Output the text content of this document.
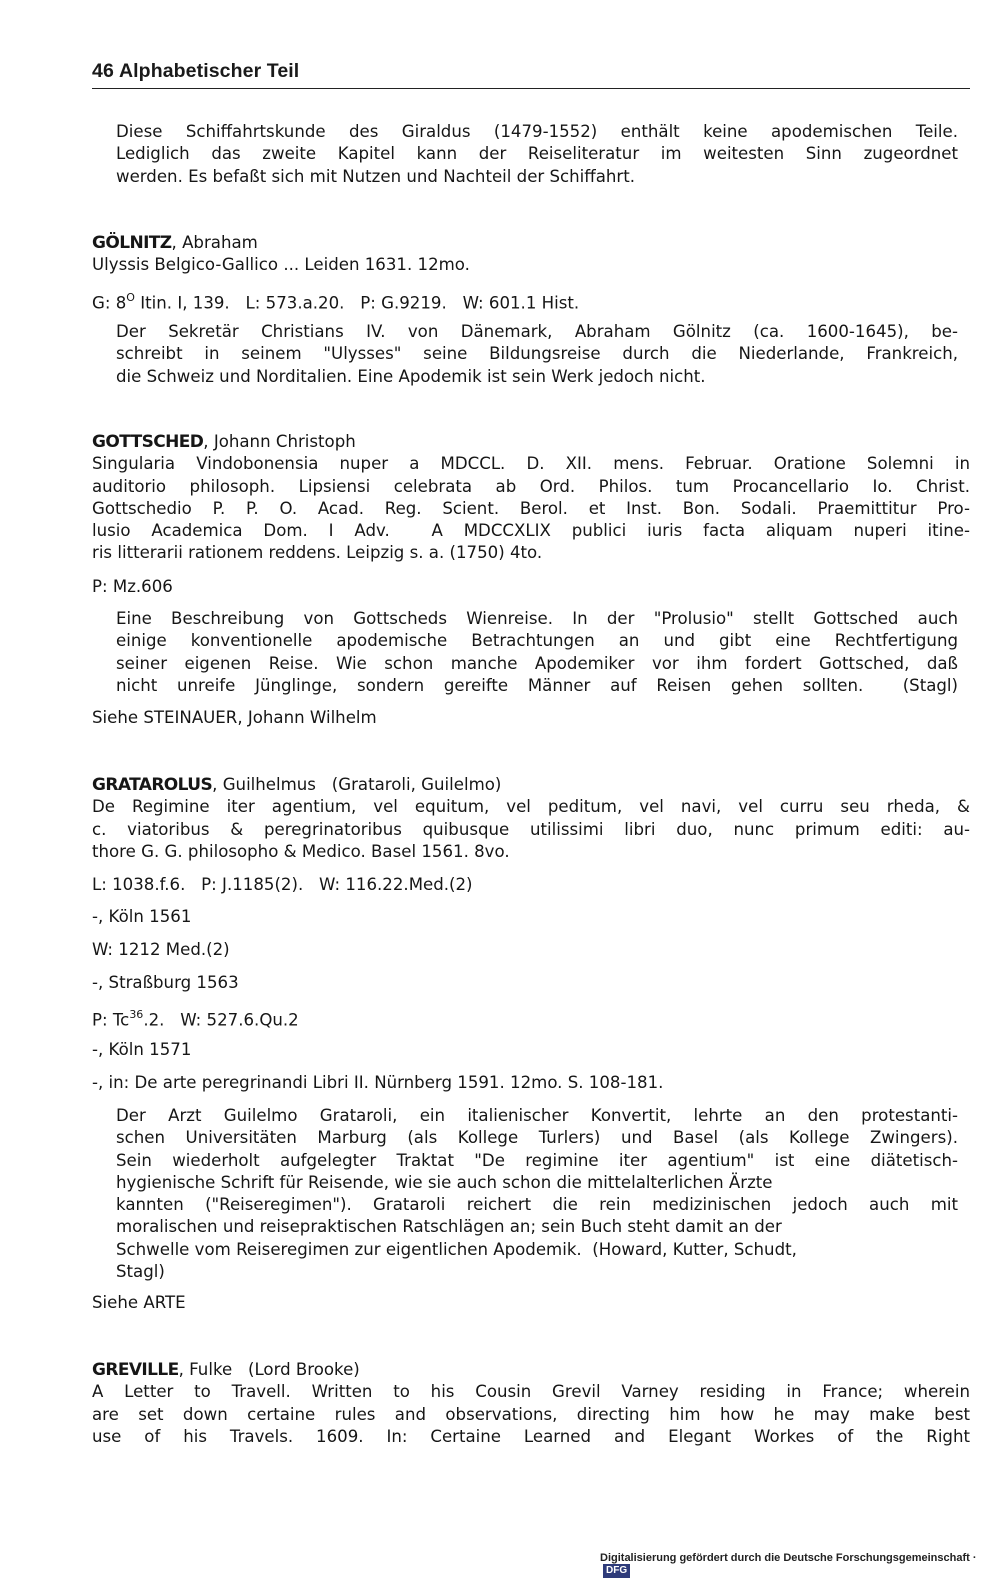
46 Alphabetischer Teil
Diese Schiffahrtskunde des Giraldus (1479-1552) enthält keine apodemischen Teile.
Lediglich das zweite Kapitel kann der Reiseliteratur im weitesten Sinn zugeordnet
werden. Es befaßt sich mit Nutzen und Nachteil der Schiffahrt.
GÖLNITZ, Abraham
Ulyssis Belgico-Gallico ... Leiden 1631. 12mo.
G: $8^O$ Itin. I, 139.   L: 573.a.20.   P: G.9219.   W: 601.1 Hist.
Der Sekretär Christians IV. von Dänemark, Abraham Gölnitz (ca. 1600-1645), be-
schreibt in seinem "Ulysses" seine Bildungsreise durch die Niederlande, Frankreich,
die Schweiz und Norditalien. Eine Apodemik ist sein Werk jedoch nicht.
GOTTSCHED, Johann Christoph
Singularia Vindobonensia nuper a MDCCL. D. XII. mens. Februar. Oratione Solemni in
auditorio philosoph. Lipsiensi celebrata ab Ord. Philos. tum Procancellario Io. Christ.
Gottschedio P. P. O. Acad. Reg. Scient. Berol. et Inst. Bon. Sodali. Praemittitur Pro-
lusio Academica Dom. I Adv.  A MDCCXLIX publici iuris facta aliquam nuperi itine-
ris litterarii rationem reddens. Leipzig s. a. (1750) 4to.
P: Mz.606
Eine Beschreibung von Gottscheds Wienreise. In der "Prolusio" stellt Gottsched auch
einige konventionelle apodemische Betrachtungen an und gibt eine Rechtfertigung
seiner eigenen Reise. Wie schon manche Apodemiker vor ihm fordert Gottsched, daß
nicht unreife Jünglinge, sondern gereifte Männer auf Reisen gehen sollten.  (Stagl)
Siehe STEINAUER, Johann Wilhelm
GRATAROLUS, Guilhelmus   (Grataroli, Guilelmo)
De Regimine iter agentium, vel equitum, vel peditum, vel navi, vel curru seu rheda, &
c. viatoribus & peregrinatoribus quibusque utilissimi libri duo, nunc primum editi: au-
thore G. G. philosopho & Medico. Basel 1561. 8vo.
L: 1038.f.6.   P: J.1185(2).   W: 116.22.Med.(2)
-, Köln 1561
W: 1212 Med.(2)
-, Straßburg 1563
P: Tc$^{36}$.2.   W: 527.6.Qu.2
-, Köln 1571
-, in: De arte peregrinandi Libri II. Nürnberg 1591. 12mo. S. 108-181.
Der Arzt Guilelmo Grataroli, ein italienischer Konvertit, lehrte an den protestanti-
schen Universitäten Marburg (als Kollege Turlers) und Basel (als Kollege Zwingers).
Sein wiederholt aufgelegter Traktat "De regimine iter agentium" ist eine diätetisch-
hygienische Schrift für Reisende, wie sie auch schon die mittelalterlichen Ärzte
kannten ("Reiseregimen"). Grataroli reichert die rein medizinischen jedoch auch mit
moralischen und reisepraktischen Ratschlägen an; sein Buch steht damit an der
Schwelle vom Reiseregimen zur eigentlichen Apodemik.  (Howard, Kutter, Schudt,
Stagl)
Siehe ARTE
GREVILLE, Fulke   (Lord Brooke)
A Letter to Travell. Written to his Cousin Grevil Varney residing in France; wherein
are set down certaine rules and observations, directing him how he may make best
use of his Travels. 1609. In: Certaine Learned and Elegant Workes of the Right
Digitalisierung gefördert durch die Deutsche Forschungsgemeinschaft ·DFG
